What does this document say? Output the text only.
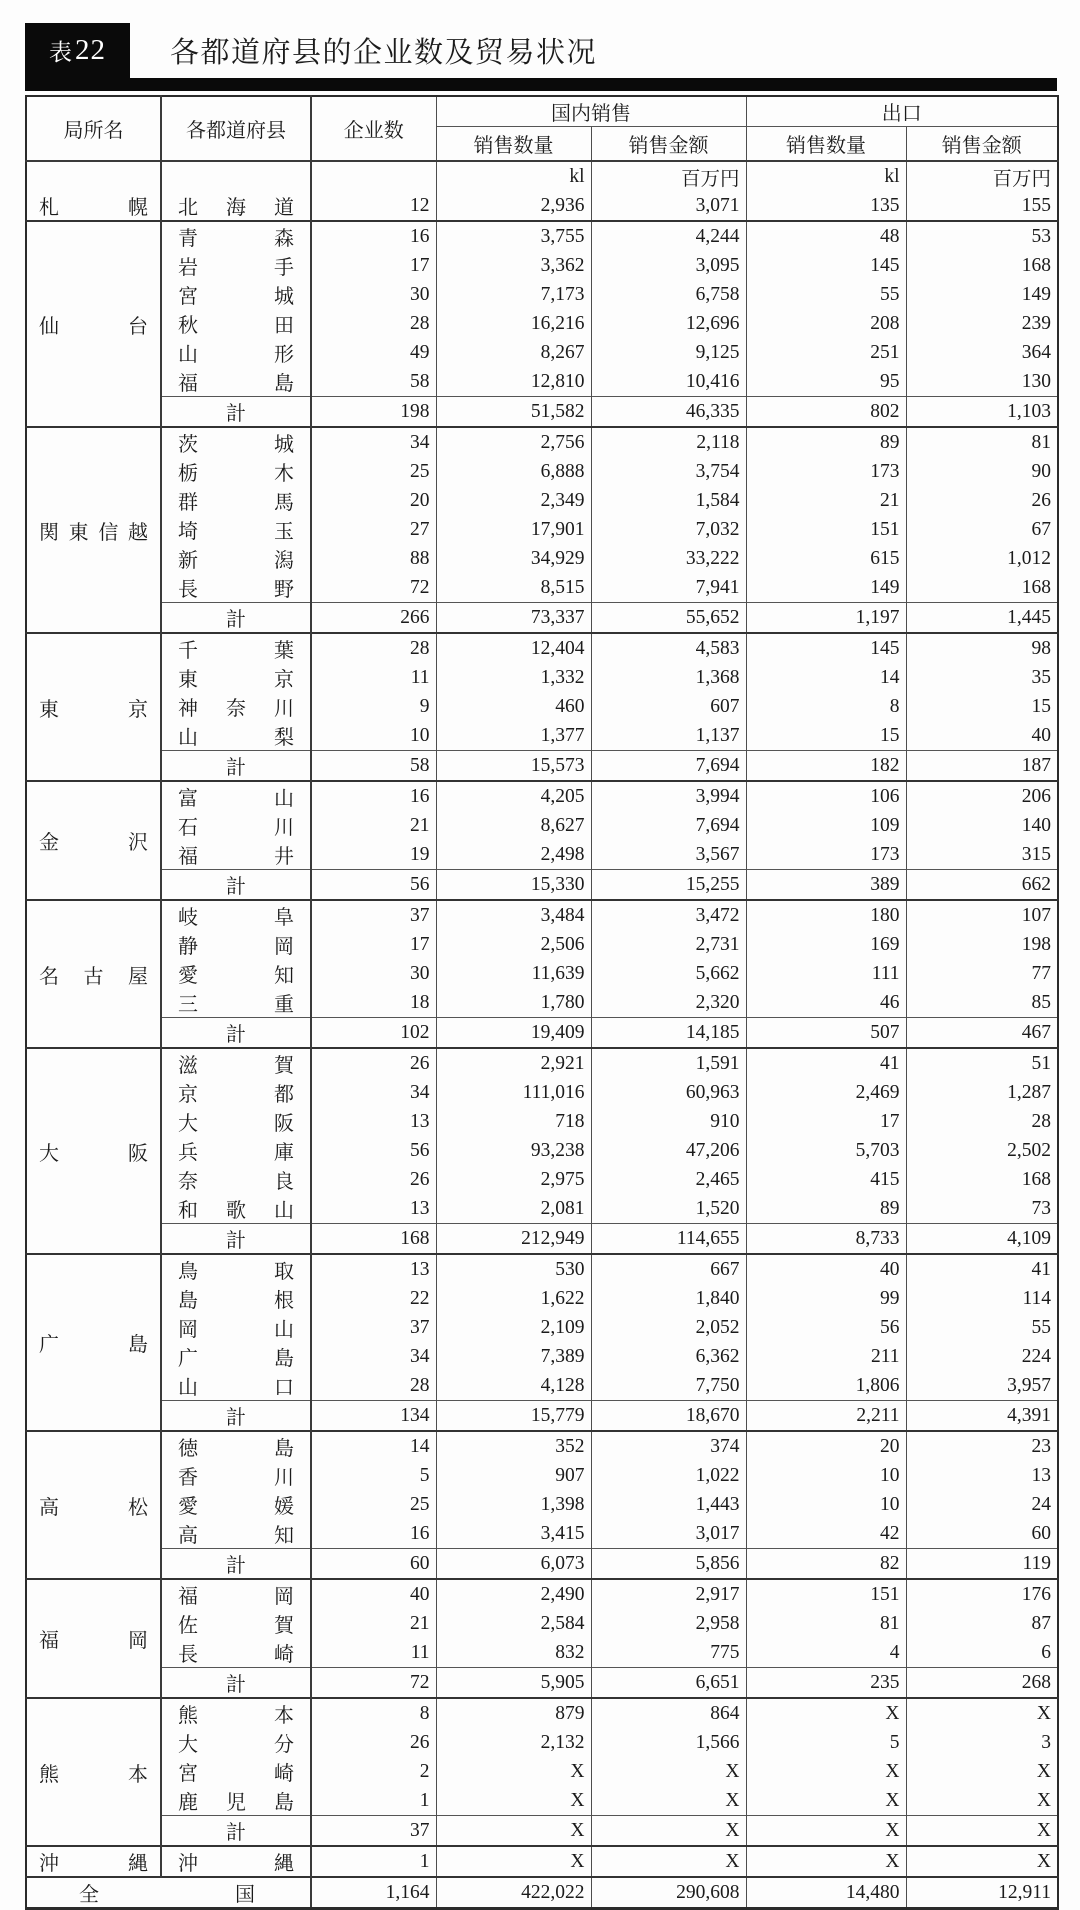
表 22 各都道府县的企业数及贸易状况
局所名	各都道府县	企业数	国内销售		出口	
			销售数量	销售金额	销售数量	销售金额
			kl	百万円	kl	百万円
札　幌	北海道	12	2,936	3,071	135	155
仙　台	青森	16	3,755	4,244	48	53
	岩手	17	3,362	3,095	145	168
	宮城	30	7,173	6,758	55	149
	秋田	28	16,216	12,696	208	239
	山形	49	8,267	9,125	251	364
	福島	58	12,810	10,416	95	130
	計	198	51,582	46,335	802	1,103
関東信越	茨城	34	2,756	2,118	89	81
	栃木	25	6,888	3,754	173	90
	群馬	20	2,349	1,584	21	26
	埼玉	27	17,901	7,032	151	67
	新潟	88	34,929	33,222	615	1,012
	長野	72	8,515	7,941	149	168
	計	266	73,337	55,652	1,197	1,445
東　京	千葉	28	12,404	4,583	145	98
	東京	11	1,332	1,368	14	35
	神奈川	9	460	607	8	15
	山梨	10	1,377	1,137	15	40
	計	58	15,573	7,694	182	187
金　沢	富山	16	4,205	3,994	106	206
	石川	21	8,627	7,694	109	140
	福井	19	2,498	3,567	173	315
	計	56	15,330	15,255	389	662
名古屋	岐阜	37	3,484	3,472	180	107
	静岡	17	2,506	2,731	169	198
	愛知	30	11,639	5,662	111	77
	三重	18	1,780	2,320	46	85
	計	102	19,409	14,185	507	467
大　阪	滋賀	26	2,921	1,591	41	51
	京都	34	111,016	60,963	2,469	1,287
	大阪	13	718	910	17	28
	兵庫	56	93,238	47,206	5,703	2,502
	奈良	26	2,975	2,465	415	168
	和歌山	13	2,081	1,520	89	73
	計	168	212,949	114,655	8,733	4,109
广　島	鳥取	13	530	667	40	41
	島根	22	1,622	1,840	99	114
	岡山	37	2,109	2,052	56	55
	广島	34	7,389	6,362	211	224
	山口	28	4,128	7,750	1,806	3,957
	計	134	15,779	18,670	2,211	4,391
高　松	徳島	14	352	374	20	23
	香川	5	907	1,022	10	13
	愛媛	25	1,398	1,443	10	24
	高知	16	3,415	3,017	42	60
	計	60	6,073	5,856	82	119
福　岡	福岡	40	2,490	2,917	151	176
	佐賀	21	2,584	2,958	81	87
	長崎	11	832	775	4	6
	計	72	5,905	6,651	235	268
熊　本	熊本	8	879	864	X	X
	大分	26	2,132	1,566	5	3
	宮崎	2	X	X	X	X
	鹿児島	1	X	X	X	X
	計	37	X	X	X	X
沖　縄	沖縄	1	X	X	X	X
全　国		1,164	422,022	290,608	14,480	12,911
